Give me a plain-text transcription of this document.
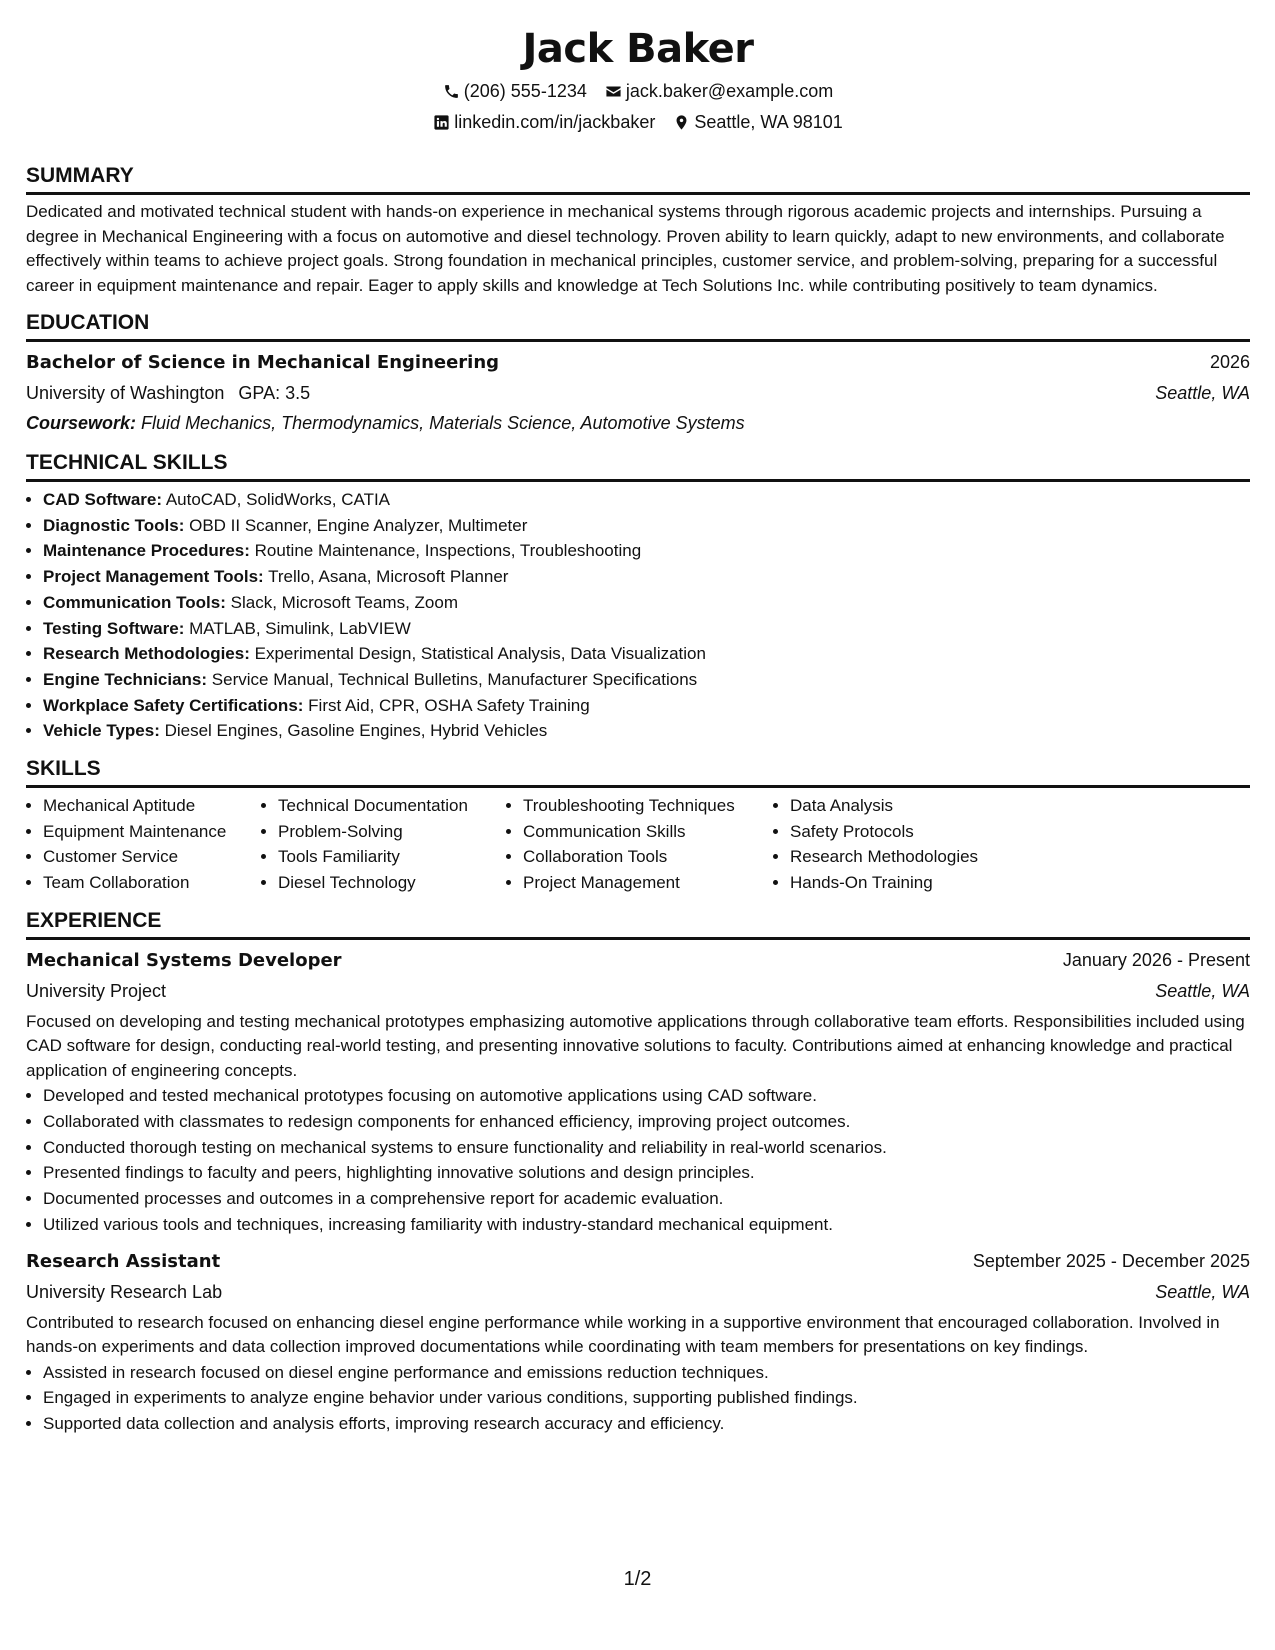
Jack Baker
(206) 555-1234 jack.baker@example.com
linkedin.com/in/jackbaker Seattle, WA 98101
SUMMARY

Dedicated and motivated technical student with hands-on experience in mechanical systems through rigorous academic projects and internships. Pursuing a degree in Mechanical Engineering with a focus on automotive and diesel technology. Proven ability to learn quickly, adapt to new environments, and collaborate effectively within teams to achieve project goals. Strong foundation in mechanical principles, customer service, and problem-solving, preparing for a successful career in equipment maintenance and repair. Eager to apply skills and knowledge at Tech Solutions Inc. while contributing positively to team dynamics.

EDUCATION
Bachelor of Science in Mechanical Engineering	2026
University of Washington GPA: 3.5	Seattle, WA
Coursework: Fluid Mechanics, Thermodynamics, Materials Science, Automotive Systems
TECHNICAL SKILLS
• CAD Software: AutoCAD, SolidWorks, CATIA
• Diagnostic Tools: OBD II Scanner, Engine Analyzer, Multimeter
• Maintenance Procedures: Routine Maintenance, Inspections, Troubleshooting
• Project Management Tools: Trello, Asana, Microsoft Planner
• Communication Tools: Slack, Microsoft Teams, Zoom
• Testing Software: MATLAB, Simulink, LabVIEW
• Research Methodologies: Experimental Design, Statistical Analysis, Data Visualization
• Engine Technicians: Service Manual, Technical Bulletins, Manufacturer Specifications
• Workplace Safety Certifications: First Aid, CPR, OSHA Safety Training
• Vehicle Types: Diesel Engines, Gasoline Engines, Hybrid Vehicles
SKILLS
• Mechanical Aptitude
• Equipment Maintenance
• Customer Service
• Team Collaboration
• Technical Documentation
• Problem-Solving
• Tools Familiarity
• Diesel Technology
• Troubleshooting Techniques
• Communication Skills
• Collaboration Tools
• Project Management
• Data Analysis
• Safety Protocols
• Research Methodologies
• Hands-On Training
EXPERIENCE
Mechanical Systems Developer	January 2026 - Present
University Project	Seattle, WA

Focused on developing and testing mechanical prototypes emphasizing automotive applications through collaborative team efforts. Responsibilities included using CAD software for design, conducting real-world testing, and presenting innovative solutions to faculty. Contributions aimed at enhancing knowledge and practical application of engineering concepts.

• Developed and tested mechanical prototypes focusing on automotive applications using CAD software.
• Collaborated with classmates to redesign components for enhanced efficiency, improving project outcomes.
• Conducted thorough testing on mechanical systems to ensure functionality and reliability in real-world scenarios.
• Presented findings to faculty and peers, highlighting innovative solutions and design principles.
• Documented processes and outcomes in a comprehensive report for academic evaluation.
• Utilized various tools and techniques, increasing familiarity with industry-standard mechanical equipment.
Research Assistant	September 2025 - December 2025
University Research Lab	Seattle, WA

Contributed to research focused on enhancing diesel engine performance while working in a supportive environment that encouraged collaboration. Involved in hands-on experiments and data collection improved documentations while coordinating with team members for presentations on key findings.

• Assisted in research focused on diesel engine performance and emissions reduction techniques.
• Engaged in experiments to analyze engine behavior under various conditions, supporting published findings.
• Supported data collection and analysis efforts, improving research accuracy and efficiency.
1/2
